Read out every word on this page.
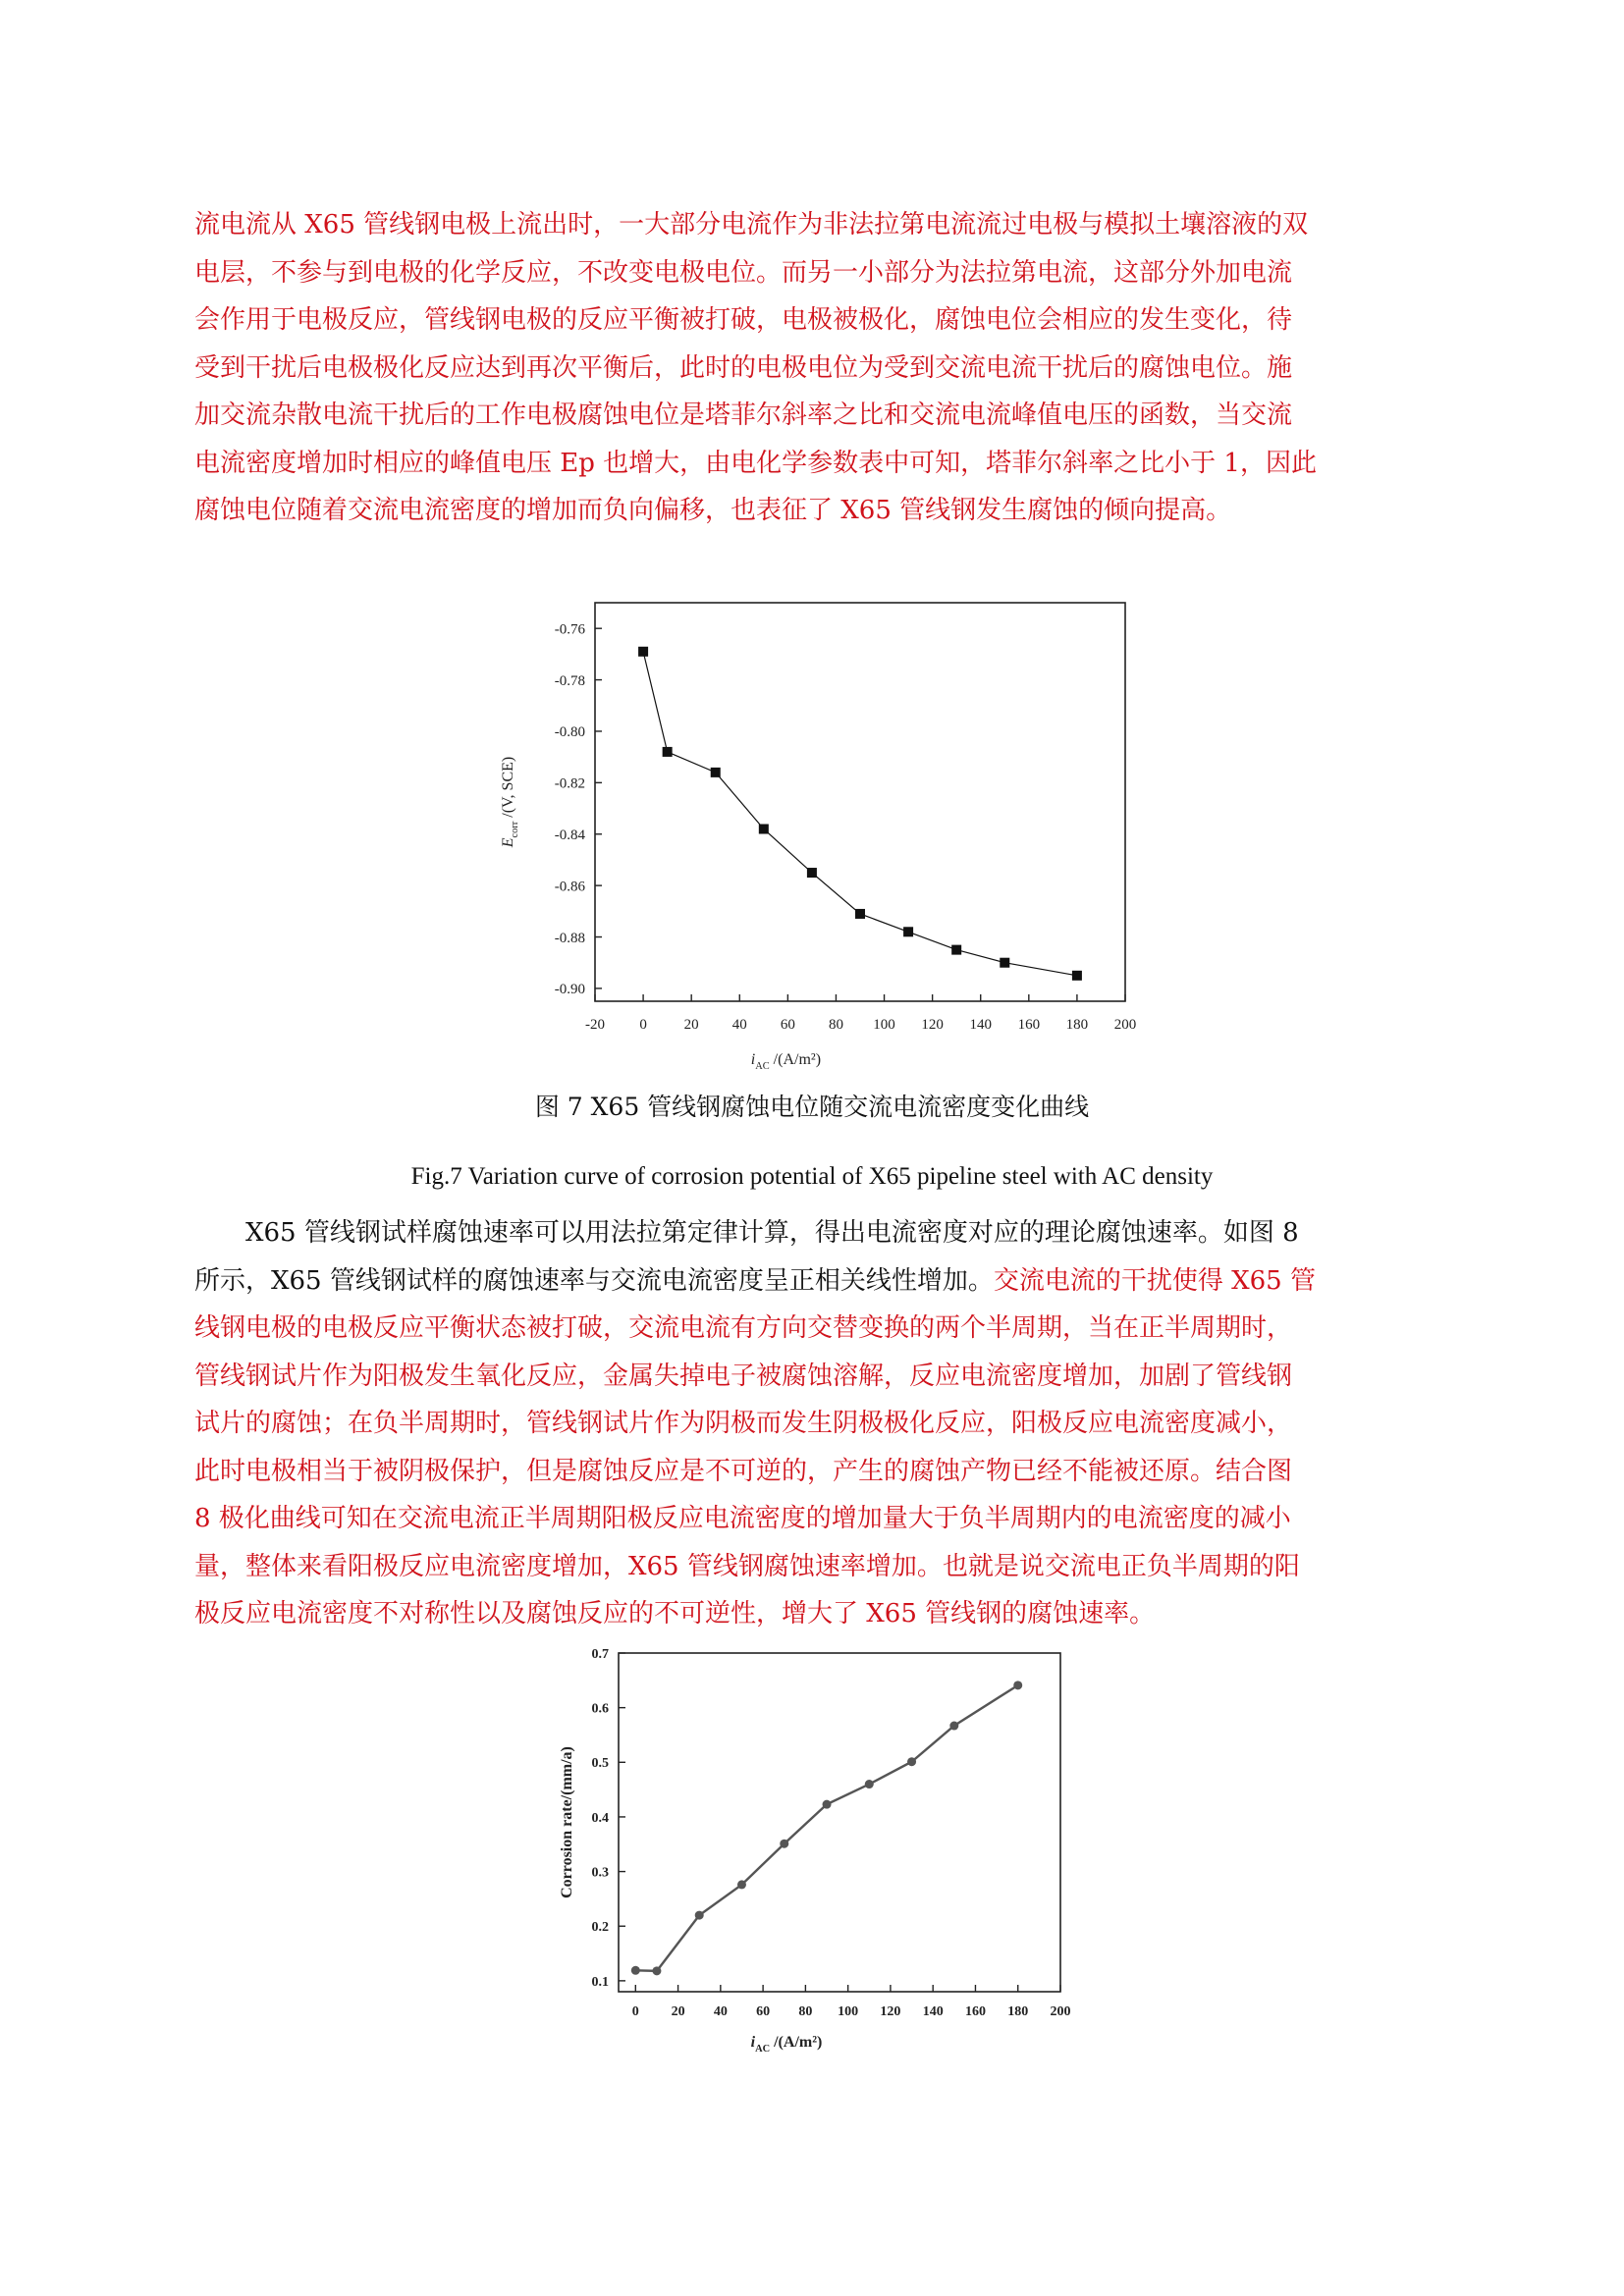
流电流从 X65 管线钢电极上流出时，一大部分电流作为非法拉第电流流过电极与模拟土壤溶液的双
电层，不参与到电极的化学反应，不改变电极电位。而另一小部分为法拉第电流，这部分外加电流
会作用于电极反应，管线钢电极的反应平衡被打破，电极被极化，腐蚀电位会相应的发生变化，待
受到干扰后电极极化反应达到再次平衡后，此时的电极电位为受到交流电流干扰后的腐蚀电位。施
加交流杂散电流干扰后的工作电极腐蚀电位是塔菲尔斜率之比和交流电流峰值电压的函数，当交流
电流密度增加时相应的峰值电压 Ep 也增大，由电化学参数表中可知，塔菲尔斜率之比小于 1，因此
腐蚀电位随着交流电流密度的增加而负向偏移，也表征了 X65 管线钢发生腐蚀的倾向提高。
-20 0	20 40 60 80 100 120 140 160 180 200
-0.76
-0.78
-0.80
-0.82
-0.84
-0.86
-0.88
-0.90
$i_{AC}$ /(A/m²)
$E_{corr}$ /(V, SCE)
图 7 X65 管线钢腐蚀电位随交流电流密度变化曲线
Fig.7 Variation curve of corrosion potential of X65 pipeline steel with AC density
X65 管线钢试样腐蚀速率可以用法拉第定律计算，得出电流密度对应的理论腐蚀速率。如图 8
所示，X65 管线钢试样的腐蚀速率与交流电流密度呈正相关线性增加。交流电流的干扰使得 X65 管
线钢电极的电极反应平衡状态被打破，交流电流有方向交替变换的两个半周期，当在正半周期时，
管线钢试片作为阳极发生氧化反应，金属失掉电子被腐蚀溶解，反应电流密度增加，加剧了管线钢
试片的腐蚀；在负半周期时，管线钢试片作为阴极而发生阴极极化反应，阳极反应电流密度减小，
此时电极相当于被阴极保护，但是腐蚀反应是不可逆的，产生的腐蚀产物已经不能被还原。结合图
8 极化曲线可知在交流电流正半周期阳极反应电流密度的增加量大于负半周期内的电流密度的减小
量，整体来看阳极反应电流密度增加，X65 管线钢腐蚀速率增加。也就是说交流电正负半周期的阳
极反应电流密度不对称性以及腐蚀反应的不可逆性，增大了 X65 管线钢的腐蚀速率。
0 20 40 60 80 100 120 140 160 180 200
0.1
0.2
0.3
0.4
0.5
0.6
0.7
$i_{AC}$ /(A/m²)
Corrosion rate/(mm/a)
